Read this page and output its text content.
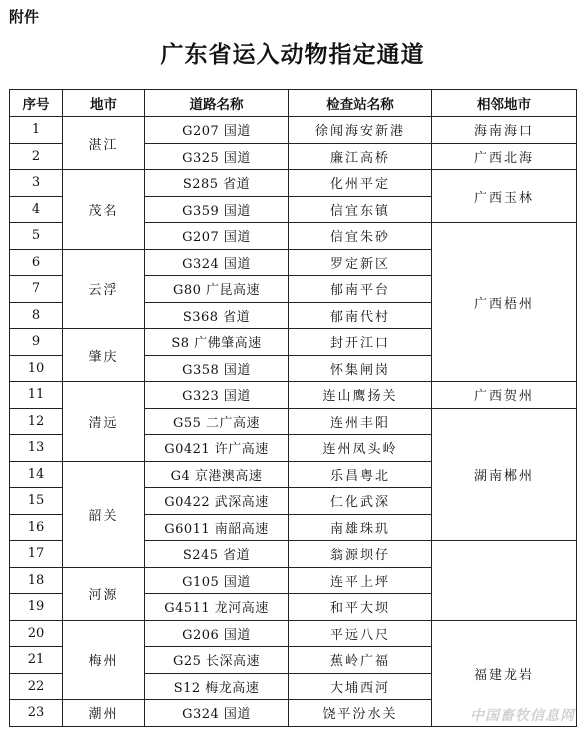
附件
广东省运入动物指定通道
序号	地市	道路名称	检查站名称	相邻地市	
1	湛江	G207 国道	徐闻海安新港	海南海口	
2		G325 国道	廉江高桥	广西北海	
3	茂名	S285 省道	化州平定	广西玉林	
4		G359 国道	信宜东镇		
5		G207 国道	信宜朱砂	广西梧州	
6	云浮	G324 国道	罗定新区		
7		G80 广昆高速	郁南平台		
8		S368 省道	郁南代村		
9	肇庆	S8 广佛肇高速	封开江口		
10		G358 国道	怀集闸岗		
11	清远	G323 国道	连山鹰扬关	广西贺州	
12		G55 二广高速	连州丰阳	湖南郴州	
13		G0421 许广高速	连州凤头岭		
14	韶关	G4 京港澳高速	乐昌粤北		
15		G0422 武深高速	仁化武深		
16		G6011 南韶高速	南雄珠玑	
17		S245 省道	翁源坝仔		
18	河源	G105 国道	连平上坪		
19		G4511 龙河高速	和平大坝		
20	梅州	G206 国道	平远八尺	福建龙岩	
21		G25 长深高速	蕉岭广福		
22		S12 梅龙高速	大埔西河		
23	潮州	G324 国道	饶平汾水关			中国畜牧信息网
